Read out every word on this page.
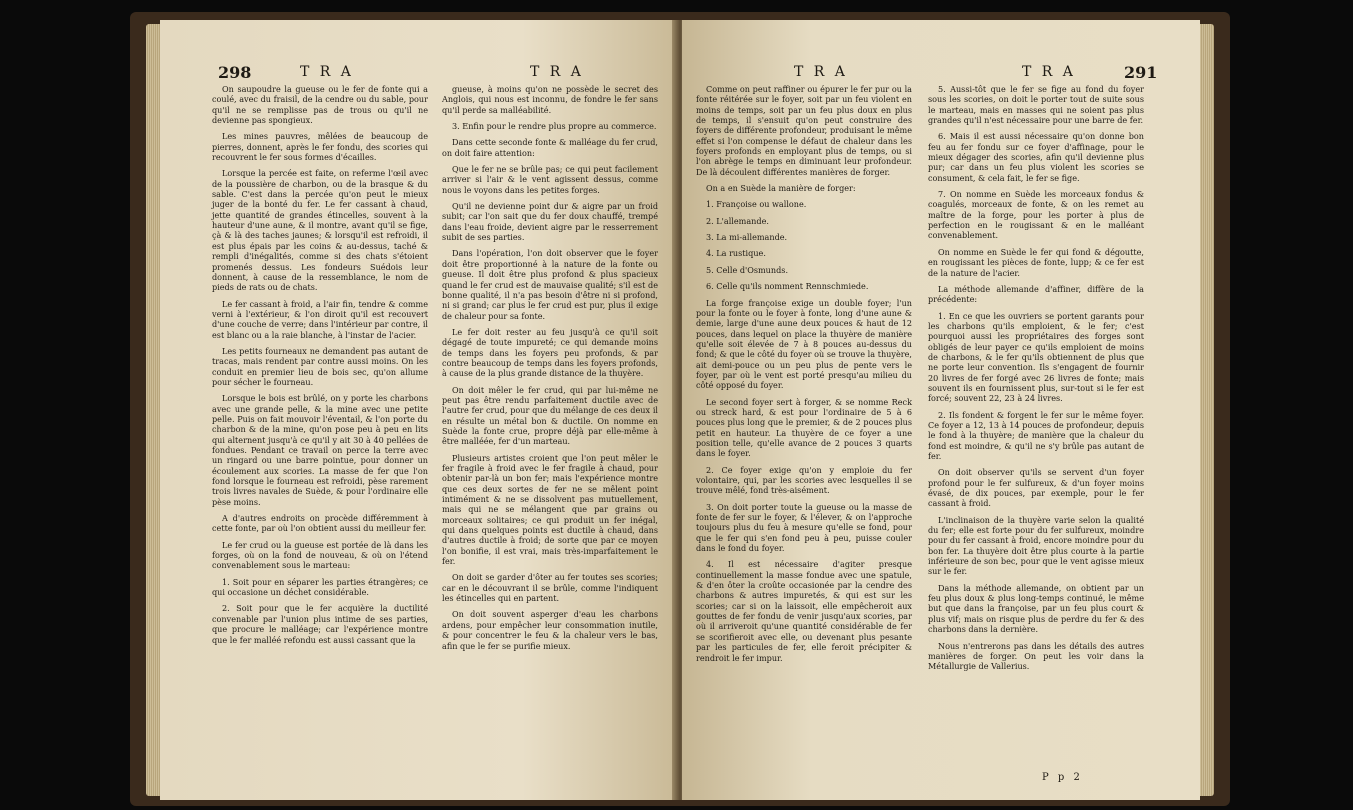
298	T R A	T R A

On saupoudre la gueuse ou le fer de fonte qui a coulé, avec du fraisil, de la cendre ou du sable, pour qu'il ne se remplisse pas de trous ou qu'il ne devienne pas spongieux.

Les mines pauvres, mêlées de beaucoup de pierres, donnent, après le fer fondu, des scories qui recouvrent le fer sous formes d'écailles.

Lorsque la percée est faite, on referme l'œil avec de la poussière de charbon, ou de la brasque & du sable. C'est dans la percée qu'on peut le mieux juger de la bonté du fer. Le fer cassant à chaud, jette quantité de grandes étincelles, souvent à la hauteur d'une aune, & il montre, avant qu'il se fige, çà & là des taches jaunes; & lorsqu'il est refroidi, il est plus épais par les coins & au-dessus, taché & rempli d'inégalités, comme si des chats s'étoient promenés dessus. Les fondeurs Suédois leur donnent, à cause de la ressemblance, le nom de pieds de rats ou de chats.

Le fer cassant à froid, a l'air fin, tendre & comme verni à l'extérieur, & l'on diroit qu'il est recouvert d'une couche de verre; dans l'intérieur par contre, il est blanc ou a la raie blanche, à l'instar de l'acier.

Les petits fourneaux ne demandent pas autant de tracas, mais rendent par contre aussi moins. On les conduit en premier lieu de bois sec, qu'on allume pour sécher le fourneau.

Lorsque le bois est brûlé, on y porte les charbons avec une grande pelle, & la mine avec une petite pelle. Puis on fait mouvoir l'éventail, & l'on porte du charbon & de la mine, qu'on pose peu à peu en lits qui alternent jusqu'à ce qu'il y ait 30 à 40 pellées de fondues. Pendant ce travail on perce la terre avec un ringard ou une barre pointue, pour donner un écoulement aux scories. La masse de fer que l'on fond lorsque le fourneau est refroidi, pèse rarement trois livres navales de Suède, & pour l'ordinaire elle pèse moins.

A d'autres endroits on procède différemment à cette fonte, par où l'on obtient aussi du meilleur fer.

Le fer crud ou la gueuse est portée de là dans les forges, où on la fond de nouveau, & où on l'étend convenablement sous le marteau:

1. Soit pour en séparer les parties étrangères; ce qui occasione un déchet considérable.

2. Soit pour que le fer acquière la ductilité convenable par l'union plus intime de ses parties, que procure le malléage; car l'expérience montre que le fer malléé refondu est aussi cassant que la

gueuse, à moins qu'on ne possède le secret des Anglois, qui nous est inconnu, de fondre le fer sans qu'il perde sa malléabilité.

3. Enfin pour le rendre plus propre au commerce.

Dans cette seconde fonte & malléage du fer crud, on doit faire attention:

Que le fer ne se brûle pas; ce qui peut facilement arriver si l'air & le vent agissent dessus, comme nous le voyons dans les petites forges.

Qu'il ne devienne point dur & aigre par un froid subit; car l'on sait que du fer doux chauffé, trempé dans l'eau froide, devient aigre par le resserrement subit de ses parties.

Dans l'opération, l'on doit observer que le foyer doit être proportionné à la nature de la fonte ou gueuse. Il doit être plus profond & plus spacieux quand le fer crud est de mauvaise qualité; s'il est de bonne qualité, il n'a pas besoin d'être ni si profond, ni si grand; car plus le fer crud est pur, plus il exige de chaleur pour sa fonte.

Le fer doit rester au feu jusqu'à ce qu'il soit dégagé de toute impureté; ce qui demande moins de temps dans les foyers peu profonds, & par contre beaucoup de temps dans les foyers profonds, à cause de la plus grande distance de la thuyère.

On doit mêler le fer crud, qui par lui-même ne peut pas être rendu parfaitement ductile avec de l'autre fer crud, pour que du mélange de ces deux il en résulte un métal bon & ductile. On nomme en Suède la fonte crue, propre déjà par elle-même à être malléée, fer d'un marteau.

Plusieurs artistes croient que l'on peut mêler le fer fragile à froid avec le fer fragile à chaud, pour obtenir par-là un bon fer; mais l'expérience montre que ces deux sortes de fer ne se mêlent point intimément & ne se dissolvent pas mutuellement, mais qui ne se mélangent que par grains ou morceaux solitaires; ce qui produit un fer inégal, qui dans quelques points est ductile à chaud, dans d'autres ductile à froid; de sorte que par ce moyen l'on bonifie, il est vrai, mais très-imparfaitement le fer.

On doit se garder d'ôter au fer toutes ses scories; car en le découvrant il se brûle, comme l'indiquent les étincelles qui en partent.

On doit souvent asperger d'eau les charbons ardens, pour empêcher leur consommation inutile, & pour concentrer le feu & la chaleur vers le bas, afin que le fer se purifie mieux.

T R A	T R A	291

Comme on peut raffiner ou épurer le fer pur ou la fonte réitérée sur le foyer, soit par un feu violent en moins de temps, soit par un feu plus doux en plus de temps, il s'ensuit qu'on peut construire des foyers de différente profondeur, produisant le même effet si l'on compense le défaut de chaleur dans les foyers profonds en employant plus de temps, ou si l'on abrège le temps en diminuant leur profondeur. De là découlent différentes manières de forger.

On a en Suède la manière de forger:

1. Françoise ou wallone.

2. L'allemande.

3. La mi-allemande.

4. La rustique.

5. Celle d'Osmunds.

6. Celle qu'ils nomment Rennschmiede.

La forge françoise exige un double foyer; l'un pour la fonte ou le foyer à fonte, long d'une aune & demie, large d'une aune deux pouces & haut de 12 pouces, dans lequel on place la thuyère de manière qu'elle soit élevée de 7 à 8 pouces au-dessus du fond; & que le côté du foyer où se trouve la thuyère, ait demi-pouce ou un peu plus de pente vers le foyer, par où le vent est porté presqu'au milieu du côté opposé du foyer.

Le second foyer sert à forger, & se nomme Reck ou streck hard, & est pour l'ordinaire de 5 à 6 pouces plus long que le premier, & de 2 pouces plus petit en hauteur. La thuyère de ce foyer a une position telle, qu'elle avance de 2 pouces 3 quarts dans le foyer.

2. Ce foyer exige qu'on y emploie du fer volontaire, qui, par les scories avec lesquelles il se trouve mêlé, fond très-aisément.

3. On doit porter toute la gueuse ou la masse de fonte de fer sur le foyer, & l'élever, & on l'approche toujours plus du feu à mesure qu'elle se fond, pour que le fer qui s'en fond peu à peu, puisse couler dans le fond du foyer.

4. Il est nécessaire d'agiter presque continuellement la masse fondue avec une spatule, & d'en ôter la croûte occasionée par la cendre des charbons & autres impuretés, & qui est sur les scories; car si on la laissoit, elle empêcheroit aux gouttes de fer fondu de venir jusqu'aux scories, par où il arriveroit qu'une quantité considérable de fer se scorifieroit avec elle, ou devenant plus pesante par les particules de fer, elle feroit précipiter & rendroit le fer impur.

5. Aussi-tôt que le fer se fige au fond du foyer sous les scories, on doit le porter tout de suite sous le marteau, mais en masses qui ne soient pas plus grandes qu'il n'est nécessaire pour une barre de fer.

6. Mais il est aussi nécessaire qu'on donne bon feu au fer fondu sur ce foyer d'affinage, pour le mieux dégager des scories, afin qu'il devienne plus pur; car dans un feu plus violent les scories se consument, & cela fait, le fer se fige.

7. On nomme en Suède les morceaux fondus & coagulés, morceaux de fonte, & on les remet au maître de la forge, pour les porter à plus de perfection en le rougissant & en le malléant convenablement.

On nomme en Suède le fer qui fond & dégoutte, en rougissant les pièces de fonte, lupp; & ce fer est de la nature de l'acier.

La méthode allemande d'affiner, diffère de la précédente:

1. En ce que les ouvriers se portent garants pour les charbons qu'ils emploient, & le fer; c'est pourquoi aussi les propriétaires des forges sont obligés de leur payer ce qu'ils emploient de moins de charbons, & le fer qu'ils obtiennent de plus que ne porte leur convention. Ils s'engagent de fournir 20 livres de fer forgé avec 26 livres de fonte; mais souvent ils en fournissent plus, sur-tout si le fer est forcé; souvent 22, 23 à 24 livres.

2. Ils fondent & forgent le fer sur le même foyer. Ce foyer a 12, 13 à 14 pouces de profondeur, depuis le fond à la thuyère; de manière que la chaleur du fond est moindre, & qu'il ne s'y brûle pas autant de fer.

On doit observer qu'ils se servent d'un foyer profond pour le fer sulfureux, & d'un foyer moins évasé, de dix pouces, par exemple, pour le fer cassant à froid.

L'inclinaison de la thuyère varie selon la qualité du fer; elle est forte pour du fer sulfureux, moindre pour du fer cassant à froid, encore moindre pour du bon fer. La thuyère doit être plus courte à la partie inférieure de son bec, pour que le vent agisse mieux sur le fer.

Dans la méthode allemande, on obtient par un feu plus doux & plus long-temps continué, le même but que dans la françoise, par un feu plus court & plus vif; mais on risque plus de perdre du fer & des charbons dans la dernière.

Nous n'entrerons pas dans les détails des autres manières de forger. On peut les voir dans la Métallurgie de Vallerius.

P p 2
